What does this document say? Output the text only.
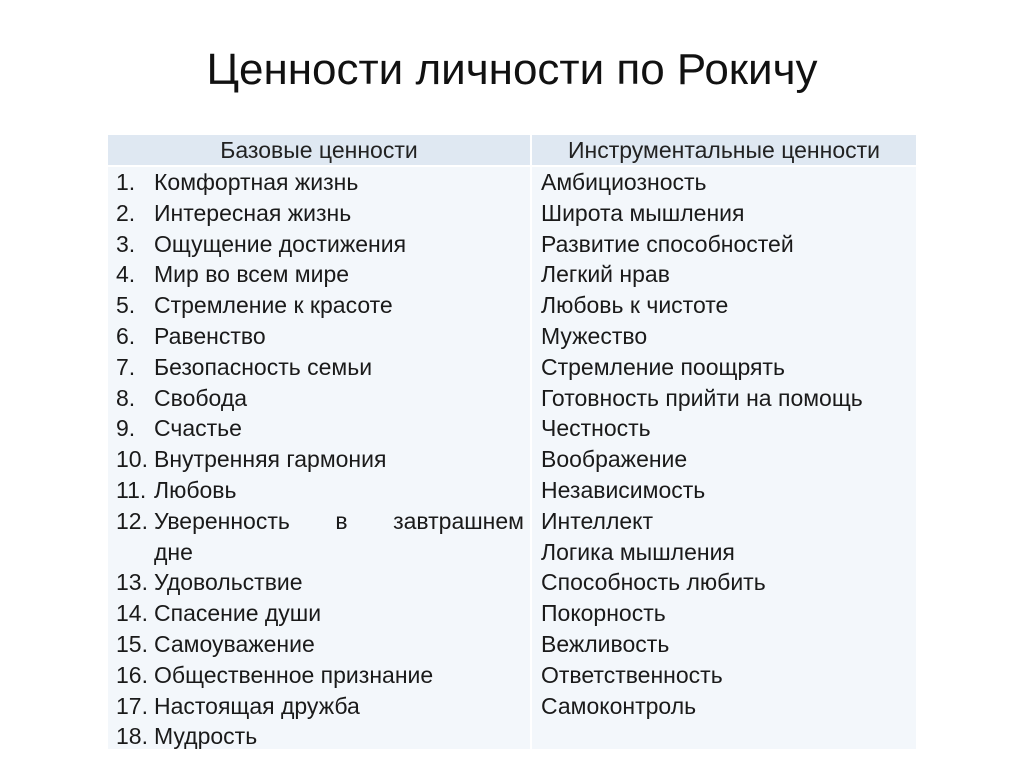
Ценности личности по Рокичу
Базовые ценности	Инструментальные ценности
1. Комфортная жизнь
2. Интересная жизнь
3. Ощущение достижения
4. Мир во всем мире
5. Стремление к красоте
6. Равенство
7. Безопасность семьи
8. Свобода
9. Счастье
10. Внутренняя гармония
11. Любовь
12. Уверенность в завтрашнем
дне
13. Удовольствие
14. Спасение души
15. Самоуважение
16. Общественное признание
17. Настоящая дружба
18. Мудрость
Амбициозность
Широта мышления
Развитие способностей
Легкий нрав
Любовь к чистоте
Мужество
Стремление поощрять
Готовность прийти на помощь
Честность
Воображение
Независимость
Интеллект
Логика мышления
Способность любить
Покорность
Вежливость
Ответственность
Самоконтроль
